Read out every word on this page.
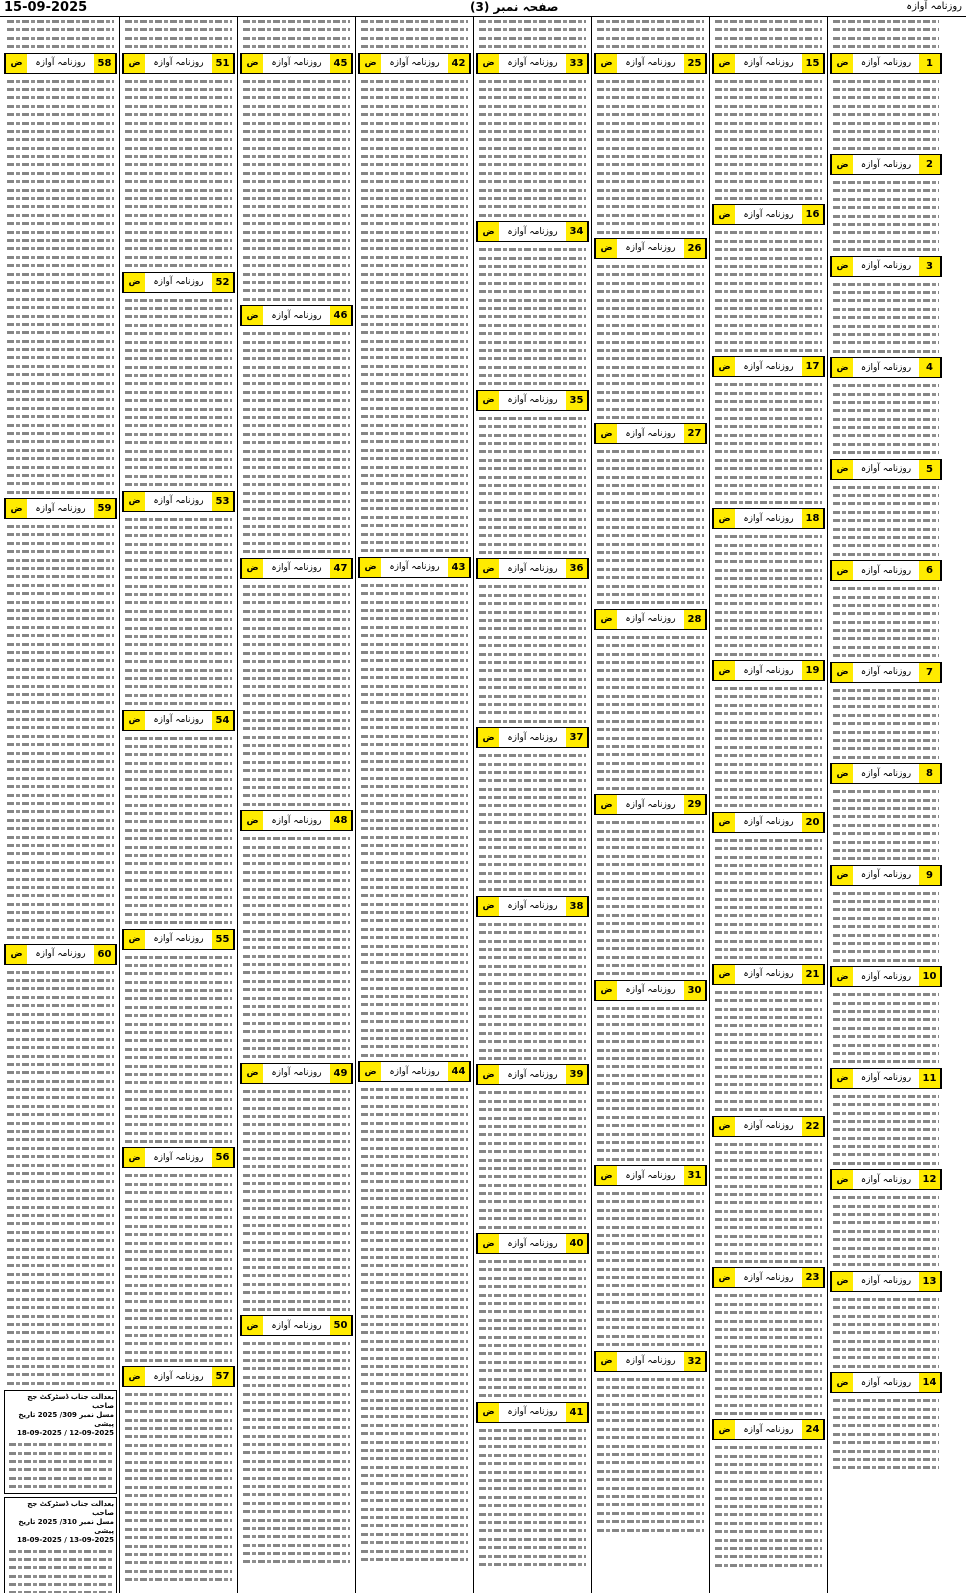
15-09-2025	صفحہ نمبر (3)	روزنامہ آوازہ
ض	روزنامہ آوازہ	58
ض	روزنامہ آوازہ	59
ض	روزنامہ آوازہ	60
بعدالت جناب ڈسٹرکٹ جج صاحب
مسل نمبر 309/ 2025 تاریخ پیشی
12-09-2025 / 18-09-2025
بعدالت جناب ڈسٹرکٹ جج صاحب
مسل نمبر 310/ 2025 تاریخ پیشی
13-09-2025 / 18-09-2025
ض	روزنامہ آوازہ	51
ض	روزنامہ آوازہ	52
ض	روزنامہ آوازہ	53
ض	روزنامہ آوازہ	54
ض	روزنامہ آوازہ	55
ض	روزنامہ آوازہ	56
ض	روزنامہ آوازہ	57
ض	روزنامہ آوازہ	45
ض	روزنامہ آوازہ	46
ض	روزنامہ آوازہ	47
ض	روزنامہ آوازہ	48
ض	روزنامہ آوازہ	49
ض	روزنامہ آوازہ	50
ض	روزنامہ آوازہ	42
ض	روزنامہ آوازہ	43
ض	روزنامہ آوازہ	44
ض	روزنامہ آوازہ	33
ض	روزنامہ آوازہ	34
ض	روزنامہ آوازہ	35
ض	روزنامہ آوازہ	36
ض	روزنامہ آوازہ	37
ض	روزنامہ آوازہ	38
ض	روزنامہ آوازہ	39
ض	روزنامہ آوازہ	40
ض	روزنامہ آوازہ	41
ض	روزنامہ آوازہ	25
ض	روزنامہ آوازہ	26
ض	روزنامہ آوازہ	27
ض	روزنامہ آوازہ	28
ض	روزنامہ آوازہ	29
ض	روزنامہ آوازہ	30
ض	روزنامہ آوازہ	31
ض	روزنامہ آوازہ	32
ض	روزنامہ آوازہ	15
ض	روزنامہ آوازہ	16
ض	روزنامہ آوازہ	17
ض	روزنامہ آوازہ	18
ض	روزنامہ آوازہ	19
ض	روزنامہ آوازہ	20
ض	روزنامہ آوازہ	21
ض	روزنامہ آوازہ	22
ض	روزنامہ آوازہ	23
ض	روزنامہ آوازہ	24
ض	روزنامہ آوازہ	1
ض	روزنامہ آوازہ	2
ض	روزنامہ آوازہ	3
ض	روزنامہ آوازہ	4
ض	روزنامہ آوازہ	5
ض	روزنامہ آوازہ	6
ض	روزنامہ آوازہ	7
ض	روزنامہ آوازہ	8
ض	روزنامہ آوازہ	9
ض	روزنامہ آوازہ	10
ض	روزنامہ آوازہ	11
ض	روزنامہ آوازہ	12
ض	روزنامہ آوازہ	13
ض	روزنامہ آوازہ	14
